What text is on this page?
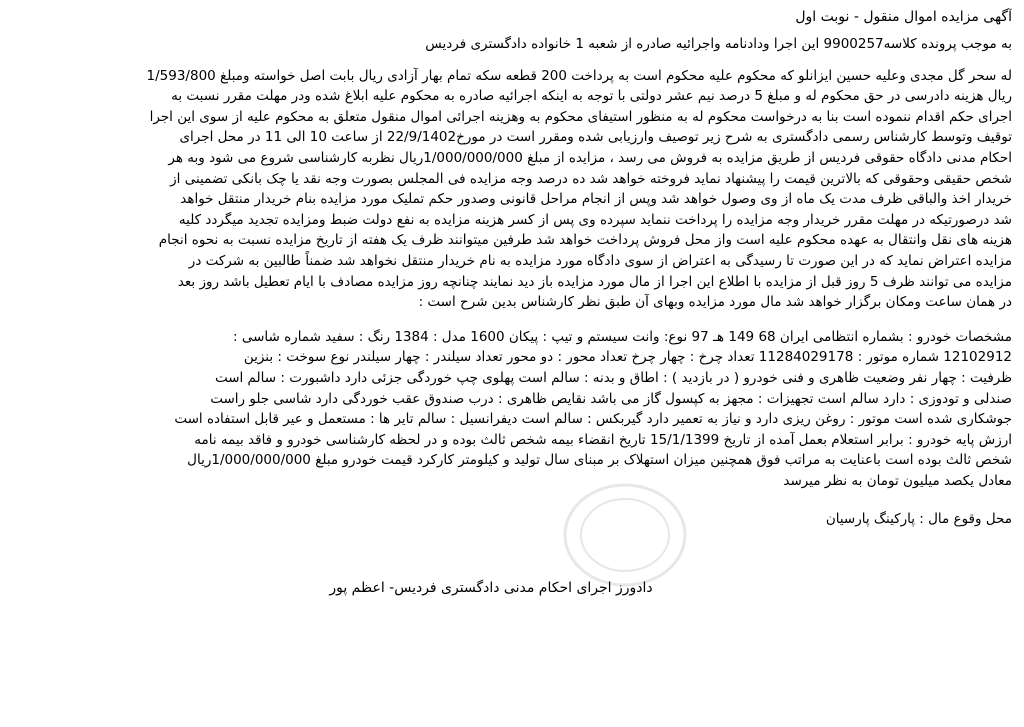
آگهی مزایده اموال منقول - نوبت اول
به موجب پرونده کلاسه9900257 این اجرا ودادنامه واجرائیه صادره از شعبه 1 خانواده دادگستری فردیس
له سحر گل مجدی وعلیه حسین ایزانلو که محکوم علیه محکوم است به پرداخت 200 قطعه سکه تمام بهار آزادی ریال بابت اصل خواسته ومبلغ 1/593/800
ریال هزینه دادرسی در حق محکوم له و مبلغ 5 درصد نیم عشر دولتی با توجه به اینکه اجرائیه صادره به محکوم علیه ابلاغ شده ودر مهلت مقرر نسبت به
اجرای حکم اقدام ننموده است بنا به درخواست محکوم له به منظور استیفای محکوم به وهزینه اجرائی اموال منقول متعلق به محکوم علیه از سوی این اجرا
توقیف وتوسط کارشناس رسمی دادگستری به شرح زیر توصیف وارزیابی شده ومقرر است در مورخ22/9/1402 از ساعت 10 الی 11 در محل اجرای
احکام مدنی دادگاه حقوقی فردیس از طریق مزایده به فروش می رسد ، مزایده از مبلغ 1/000/000/000ریال نظربه کارشناسی شروع می شود وبه هر
شخص حقیقی وحقوقی که بالاترین قیمت را پیشنهاد نماید فروخته خواهد شد ده درصد وجه مزایده فی المجلس بصورت وجه نقد یا چک بانکی تضمینی از
خریدار اخذ والباقی ظرف مدت یک ماه از وی وصول خواهد شد وپس از انجام مراحل قانونی وصدور حکم تملیک مورد مزایده بنام خریدار منتقل خواهد
شد درصورتیکه در مهلت مقرر خریدار وجه مزایده را پرداخت ننماید سپرده وی پس از کسر هزینه مزایده به نفع دولت ضبط ومزایده تجدید میگردد کلیه
هزینه های نقل وانتقال به عهده محکوم علیه است واز محل فروش پرداخت خواهد شد طرفین میتوانند ظرف یک هفته از تاریخ مزایده نسبت به نحوه انجام
مزایده اعتراض نماید که در این صورت تا رسیدگی به اعتراض از سوی دادگاه مورد مزایده به نام خریدار منتقل نخواهد شد ضمناً طالبین به شرکت در
مزایده می توانند ظرف 5 روز قبل از مزایده با اطلاع این اجرا از مال مورد مزایده باز دید نمایند چنانچه روز مزایده مصادف با ایام تعطیل باشد روز بعد
در همان ساعت ومکان برگزار خواهد شد مال مورد مزایده وبهای آن طبق نظر کارشناس بدین شرح است :
مشخصات خودرو : بشماره انتظامی ایران 68 149 هـ 97 نوع: وانت سیستم و تیپ : پیکان 1600 مدل : 1384 رنگ : سفید شماره شاسی :
12102912 شماره موتور : 11284029178 تعداد چرخ : چهار چرخ تعداد محور : دو محور تعداد سیلندر : چهار سیلندر نوع سوخت : بنزین
ظرفیت : چهار نفر وضعیت ظاهری و فنی خودرو ( در بازدید ) : اطاق و بدنه : سالم است پهلوی چپ خوردگی جزئی دارد داشبورت : سالم است
صندلی و تودوزی : دارد سالم است تجهیزات : مجهز به کپسول گاز می باشد نقایص ظاهری : درب صندوق عقب خوردگی دارد شاسی جلو راست
جوشکاری شده است موتور : روغن ریزی دارد و نیاز به تعمیر دارد گیربکس : سالم است دیفرانسیل : سالم تایر ها : مستعمل و عیر قابل استفاده است
ارزش پایه خودرو : برابر استعلام بعمل آمده از تاریخ 15/1/1399 تاریخ انقضاء بیمه شخص ثالث بوده و در لحظه کارشناسی خودرو و فاقد بیمه نامه
شخص ثالث بوده است باعنایت به مراتب فوق همچنین میزان استهلاک بر مبنای سال تولید و کیلومتر کارکرد قیمت خودرو مبلغ 1/000/000/000ریال
معادل یکصد میلیون تومان به نظر میرسد
محل وقوع مال : پارکینگ پارسیان
دادورز اجرای احکام مدنی دادگستری فردیس- اعظم پور
